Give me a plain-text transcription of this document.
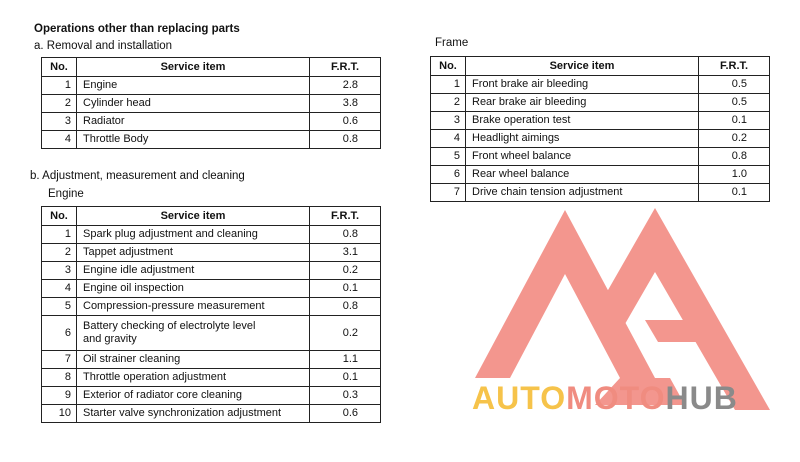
Operations other than replacing parts
a. Removal and installation
No.	Service item	F.R.T.
1	Engine	2.8
2	Cylinder head	3.8
3	Radiator	0.6
4	Throttle Body	0.8
b. Adjustment, measurement and cleaning
Engine
No.	Service item	F.R.T.
1	Spark plug adjustment and cleaning	0.8
2	Tappet adjustment	3.1
3	Engine idle adjustment	0.2
4	Engine oil inspection	0.1
5	Compression-pressure measurement	0.8
6	Battery checking of electrolyte level
and gravity	0.2
7	Oil strainer cleaning	1.1
8	Throttle operation adjustment	0.1
9	Exterior of radiator core cleaning	0.3
10	Starter valve synchronization adjustment	0.6
Frame
No.	Service item	F.R.T.
1	Front brake air bleeding	0.5
2	Rear brake air bleeding	0.5
3	Brake operation test	0.1
4	Headlight aimings	0.2
5	Front wheel balance	0.8
6	Rear wheel balance	1.0
7	Drive chain tension adjustment	0.1
AUTOMOTOHUB
